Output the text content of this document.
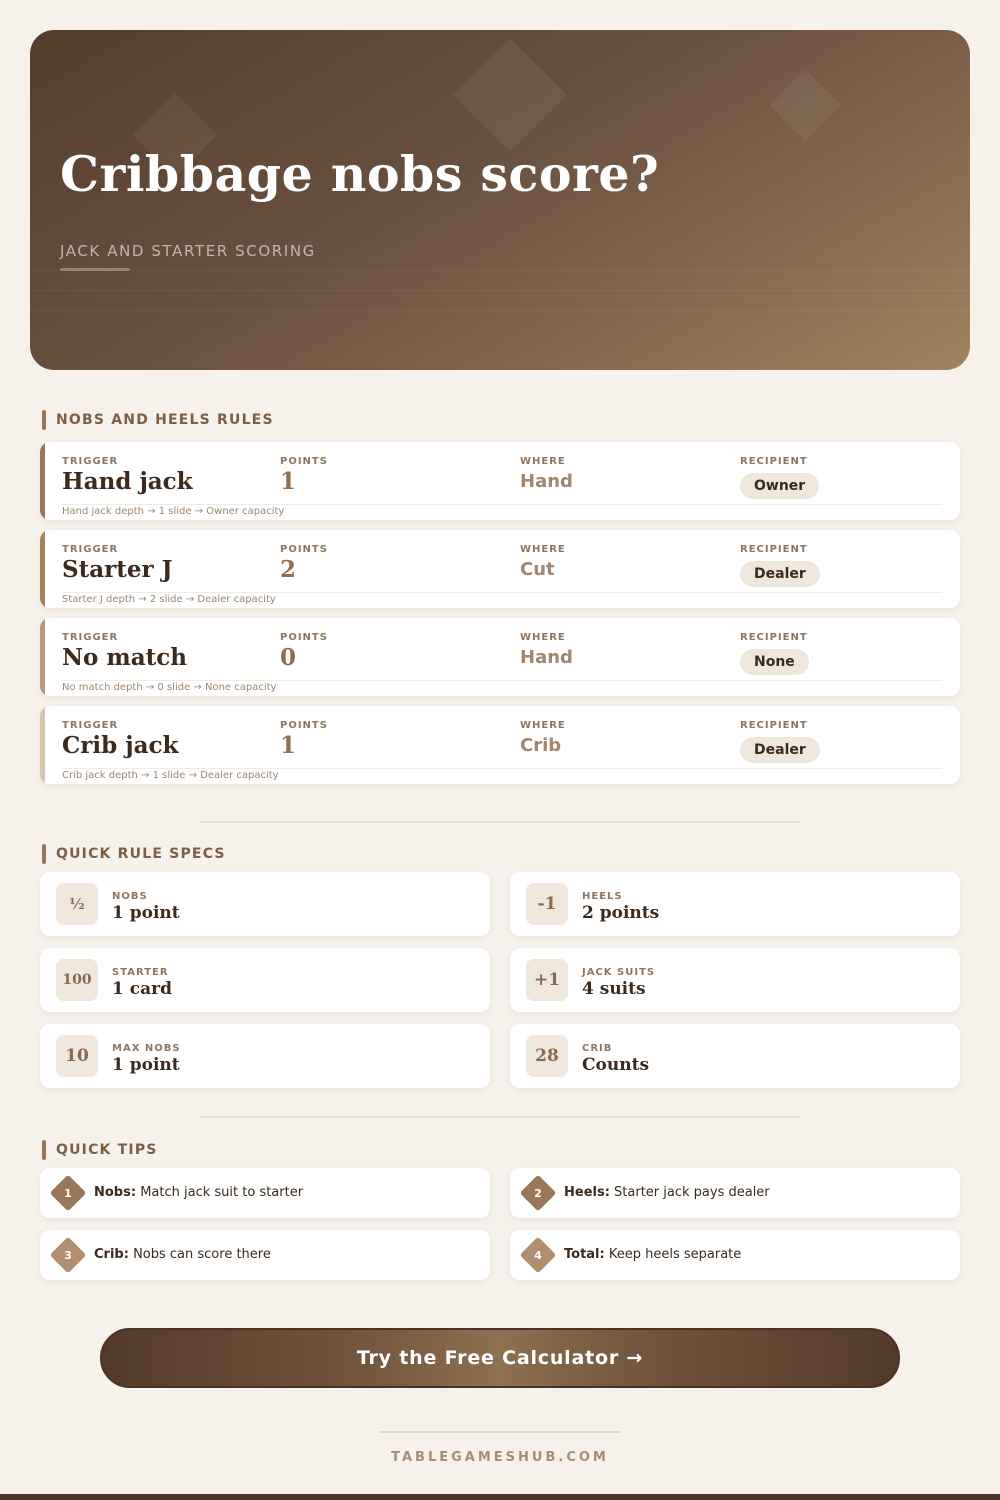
Cribbage nobs score?
JACK AND STARTER SCORING
NOBS AND HEELS RULES
TRIGGER
Hand jack
POINTS
1
WHERE
Hand
RECIPIENT
Owner
Hand jack depth → 1 slide → Owner capacity
TRIGGER
Starter J
POINTS
2
WHERE
Cut
RECIPIENT
Dealer
Starter J depth → 2 slide → Dealer capacity
TRIGGER
No match
POINTS
0
WHERE
Hand
RECIPIENT
None
No match depth → 0 slide → None capacity
TRIGGER
Crib jack
POINTS
1
WHERE
Crib
RECIPIENT
Dealer
Crib jack depth → 1 slide → Dealer capacity
QUICK RULE SPECS
½	NOBS
1 point	-1	HEELS
2 points
100	STARTER
1 card	+1	JACK SUITS
4 suits
10	MAX NOBS
1 point	28	CRIB
Counts
QUICK TIPS
1	Nobs: Match jack suit to starter	2	Heels: Starter jack pays dealer
3	Crib: Nobs can score there	4	Total: Keep heels separate
Try the Free Calculator →
TABLEGAMESHUB.COM
